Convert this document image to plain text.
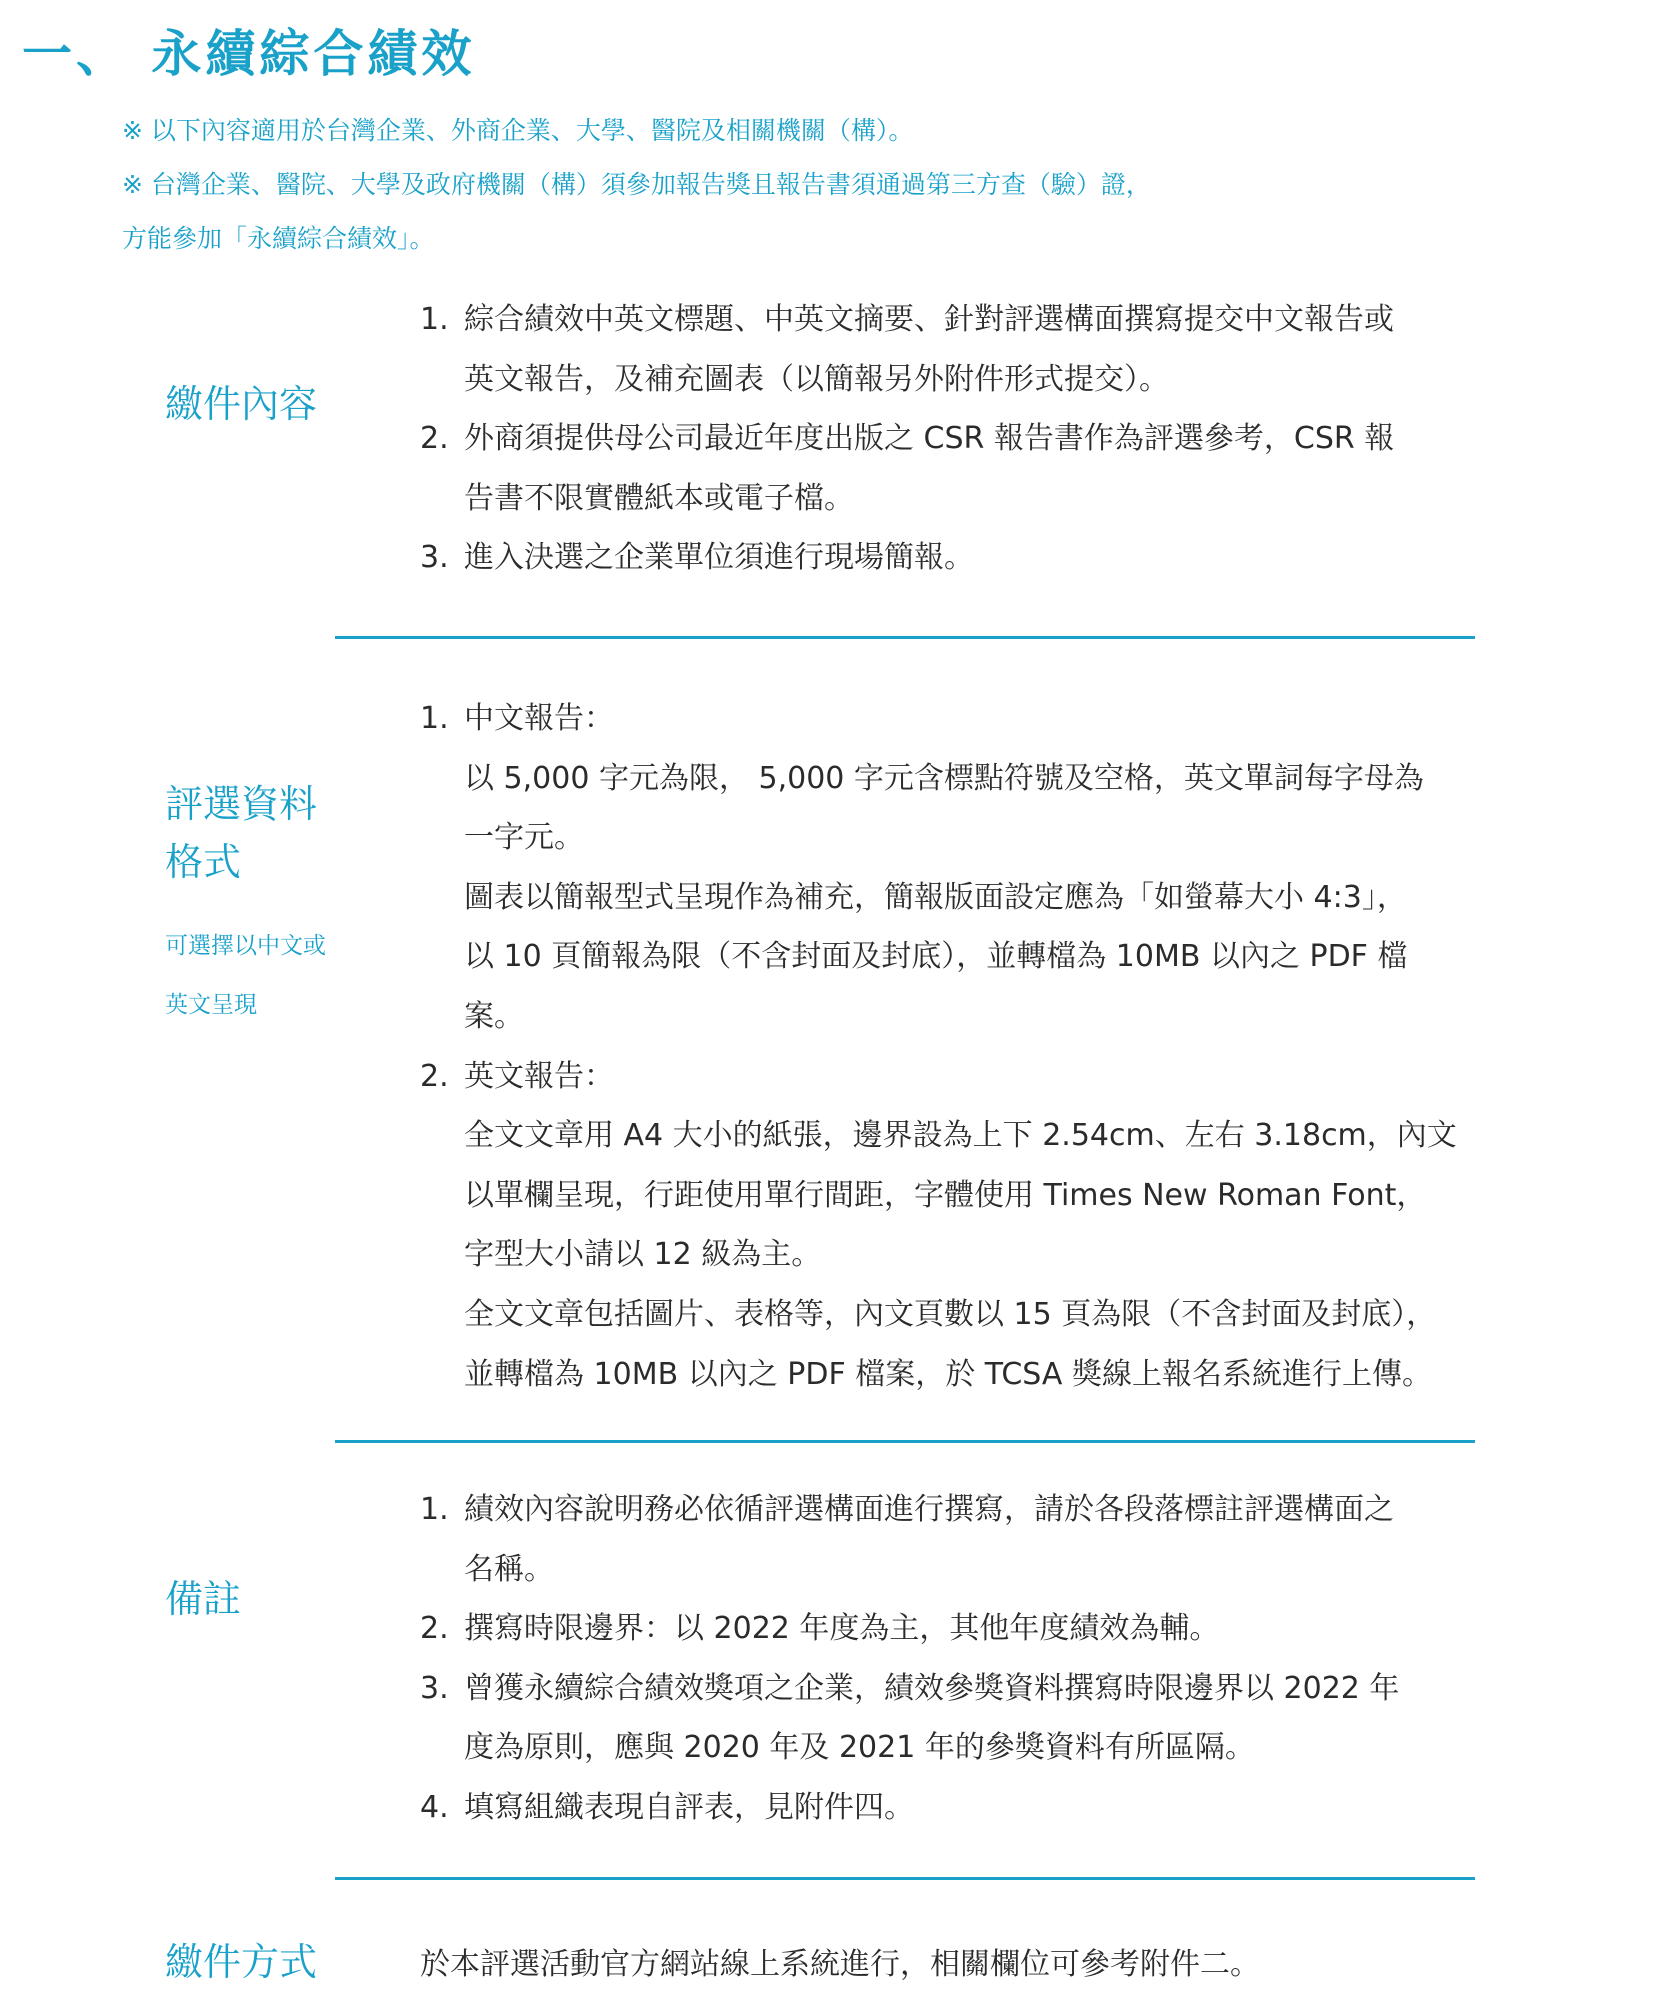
一、 永續綜合績效
※ 以下內容適用於台灣企業、外商企業、大學、醫院及相關機關（構）。
※ 台灣企業、醫院、大學及政府機關（構）須參加報告獎且報告書須通過第三方查（驗）證，
方能參加「永續綜合績效」。
繳件內容
1. 綜合績效中英文標題、中英文摘要、針對評選構面撰寫提交中文報告或
英文報告，及補充圖表（以簡報另外附件形式提交）。
2. 外商須提供母公司最近年度出版之 CSR 報告書作為評選參考，CSR 報
告書不限實體紙本或電子檔。
3. 進入決選之企業單位須進行現場簡報。
評選資料
格式
可選擇以中文或
英文呈現
1. 中文報告：
以 5,000 字元為限， 5,000 字元含標點符號及空格，英文單詞每字母為
一字元。
圖表以簡報型式呈現作為補充，簡報版面設定應為「如螢幕大小 4:3」，
以 10 頁簡報為限（不含封面及封底），並轉檔為 10MB 以內之 PDF 檔
案。
2. 英文報告：
全文文章用 A4 大小的紙張，邊界設為上下 2.54cm、左右 3.18cm，內文
以單欄呈現，行距使用單行間距，字體使用 Times New Roman Font，
字型大小請以 12 級為主。
全文文章包括圖片、表格等，內文頁數以 15 頁為限（不含封面及封底），
並轉檔為 10MB 以內之 PDF 檔案，於 TCSA 獎線上報名系統進行上傳。
備註
1. 績效內容說明務必依循評選構面進行撰寫，請於各段落標註評選構面之
名稱。
2. 撰寫時限邊界：以 2022 年度為主，其他年度績效為輔。
3. 曾獲永續綜合績效獎項之企業，績效參獎資料撰寫時限邊界以 2022 年
度為原則，應與 2020 年及 2021 年的參獎資料有所區隔。
4. 填寫組織表現自評表，見附件四。
繳件方式	於本評選活動官方網站線上系統進行，相關欄位可參考附件二。
